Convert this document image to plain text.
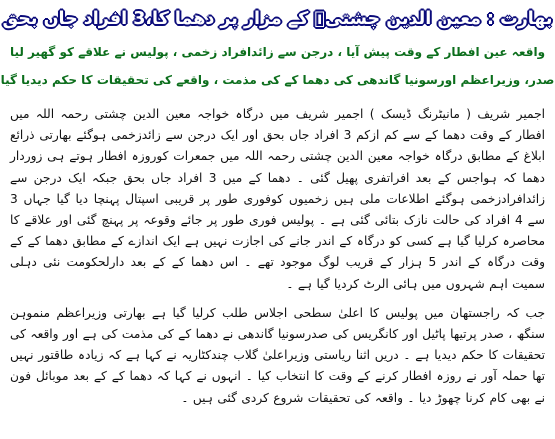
بھارت : معین الدین چشتیؒ کے مزار پر دھما کا،3 افراد جاں بحق
واقعہ عین افطار کے وقت پیش آیا ، درجن سے زائدافراد زخمی ، پولیس نے علاقے کو گھیر لیا
صدر، وزیراعظم اورسونیا گاندھی کی دھما کے کی مذمت ، واقعے کی تحقیقات کا حکم دیدیا گیا

اجمیر شریف ( مانیٹرنگ ڈیسک ) اجمیر شریف میں درگاہ خواجہ معین الدین چشتی رحمہ اللہ میں افطار کے وقت دھما کے سے کم ازکم 3 افراد جاں بحق اور ایک درجن سے زائدزخمی ہوگئے بھارتی ذرائع ابلاغ کے مطابق درگاہ خواجہ معین الدین چشتی رحمہ اللہ میں جمعرات کوروزہ افطار ہوتے ہی زوردار دھما کہ ہواجس کے بعد افراتفری پھیل گئی ۔ دھما کے میں 3 افراد جاں بحق جبکہ ایک درجن سے زائدافرادزخمی ہوگئے اطلاعات ملی ہیں زخمیوں کوفوری طور پر قریبی اسپتال پہنچا دیا گیا جہاں 3 سے 4 افراد کی حالت نازک بتائی گئی ہے ۔ پولیس فوری طور پر جائے وقوعہ پر پہنچ گئی اور علاقے کا محاصرہ کرلیا گیا ہے کسی کو درگاہ کے اندر جانے کی اجازت نہیں ہے ایک اندازے کے مطابق دھما کے کے وقت درگاہ کے اندر 5 ہزار کے قریب لوگ موجود تھے ۔ اس دھما کے کے بعد دارلحکومت نئی دہلی سمیت اہم شہروں میں ہائی الرٹ کردیا گیا ہے ۔

جب کہ راجستھان میں پولیس کا اعلیٰ سطحی اجلاس طلب کرلیا گیا ہے بھارتی وزیراعظم منموہن سنگھ ، صدر پرتیھا پاٹیل اور کانگریس کی صدرسونیا گاندھی نے دھما کے کی مذمت کی ہے اور واقعہ کی تحقیقات کا حکم دیدیا ہے ۔ دریں اثنا ریاستی وزیراعلیٰ گلاب چندکٹاریہ نے کہا ہے کہ زیادہ طاقتور نہیں تھا حملہ آور نے روزہ افطار کرنے کے وقت کا انتخاب کیا ۔ انہوں نے کہا کہ دھما کے کے بعد موبائل فون نے بھی کام کرنا چھوڑ دیا ۔ واقعہ کی تحقیقات شروع کردی گئی ہیں ۔
